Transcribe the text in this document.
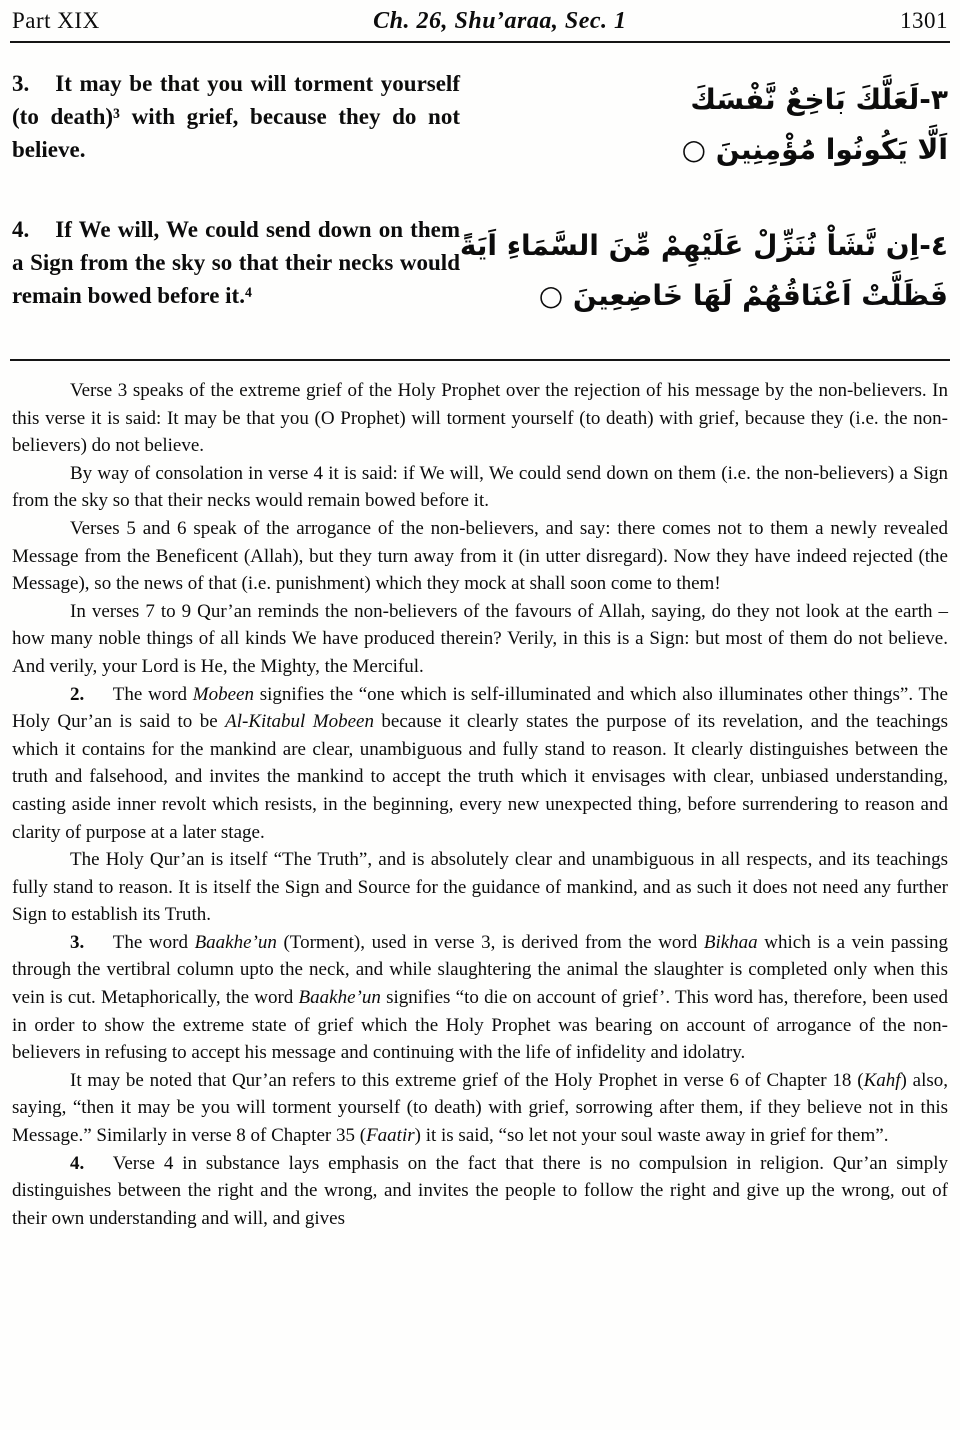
Part XIX	Ch. 26, Shu’araa, Sec. 1	1301

3. It may be that you will torment yourself (to death)³ with grief, because they do not believe.

٣-لَعَلَّكَ بَاخِعٌ نَّفْسَكَ
اَلَّا يَكُونُوا مُؤْمِنِينَ ○

4. If We will, We could send down on them a Sign from the sky so that their necks would remain bowed before it.⁴

٤-اِن نَّشَاْ نُنَزِّلْ عَلَيْهِمْ مِّنَ السَّمَاءِ اَيَةً
فَظَلَّتْ اَعْنَاقُهُمْ لَهَا خَاضِعِينَ ○

Verse 3 speaks of the extreme grief of the Holy Prophet over the rejection of his message by the non-believers. In this verse it is said: It may be that you (O Prophet) will torment yourself (to death) with grief, because they (i.e. the non-believers) do not believe.

By way of consolation in verse 4 it is said: if We will, We could send down on them (i.e. the non-believers) a Sign from the sky so that their necks would remain bowed before it.

Verses 5 and 6 speak of the arrogance of the non-believers, and say: there comes not to them a newly revealed Message from the Beneficent (Allah), but they turn away from it (in utter disregard). Now they have indeed rejected (the Message), so the news of that (i.e. punishment) which they mock at shall soon come to them!

In verses 7 to 9 Qur’an reminds the non-believers of the favours of Allah, saying, do they not look at the earth – how many noble things of all kinds We have produced therein? Verily, in this is a Sign: but most of them do not believe. And verily, your Lord is He, the Mighty, the Merciful.

2.  The word Mobeen signifies the “one which is self-illuminated and which also illuminates other things”. The Holy Qur’an is said to be Al-Kitabul Mobeen because it clearly states the purpose of its revelation, and the teachings which it contains for the mankind are clear, unambiguous and fully stand to reason. It clearly distinguishes between the truth and falsehood, and invites the mankind to accept the truth which it envisages with clear, unbiased understanding, casting aside inner revolt which resists, in the beginning, every new unexpected thing, before surrendering to reason and clarity of purpose at a later stage.

The Holy Qur’an is itself “The Truth”, and is absolutely clear and unambiguous in all respects, and its teachings fully stand to reason. It is itself the Sign and Source for the guidance of mankind, and as such it does not need any further Sign to establish its Truth.

3.  The word Baakhe’un (Torment), used in verse 3, is derived from the word Bikhaa which is a vein passing through the vertibral column upto the neck, and while slaughtering the animal the slaughter is completed only when this vein is cut. Metaphorically, the word Baakhe’un signifies “to die on account of grief’. This word has, therefore, been used in order to show the extreme state of grief which the Holy Prophet was bearing on account of arrogance of the non-believers in refusing to accept his message and continuing with the life of infidelity and idolatry.

It may be noted that Qur’an refers to this extreme grief of the Holy Prophet in verse 6 of Chapter 18 (Kahf) also, saying, “then it may be you will torment yourself (to death) with grief, sorrowing after them, if they believe not in this Message.” Similarly in verse 8 of Chapter 35 (Faatir) it is said, “so let not your soul waste away in grief for them”.

4.  Verse 4 in substance lays emphasis on the fact that there is no compulsion in religion. Qur’an simply distinguishes between the right and the wrong, and invites the people to follow the right and give up the wrong, out of their own understanding and will, and gives
